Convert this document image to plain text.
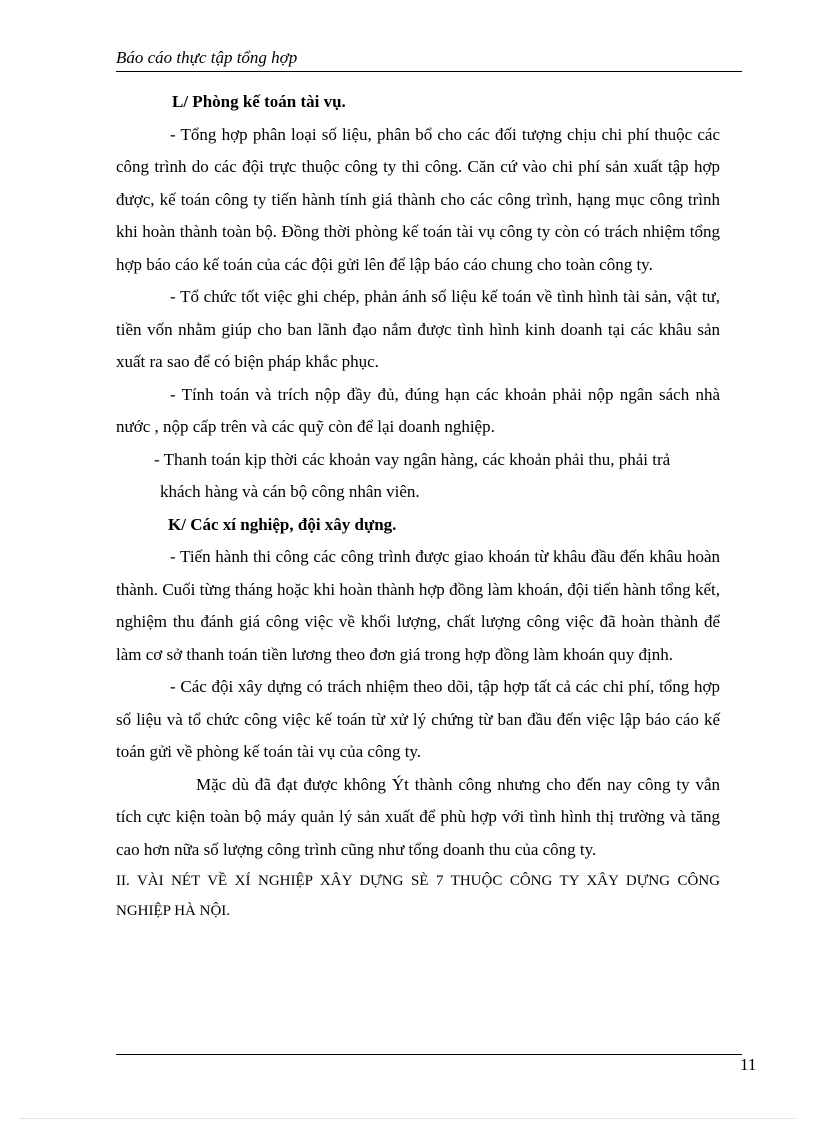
Báo cáo thực tập tổng hợp

L/ Phòng kế toán tài vụ.

- Tổng hợp phân loại số liệu, phân bổ cho các đối tượng chịu chi phí thuộc các công trình do các đội trực thuộc công ty thi công. Căn cứ vào chi phí sản xuất tập hợp được, kế toán công ty tiến hành tính giá thành cho các công trình, hạng mục công trình khi hoàn thành toàn bộ. Đồng thời phòng kế toán tài vụ công ty còn có trách nhiệm tổng hợp báo cáo kế toán của các đội gửi lên để lập báo cáo chung cho toàn công ty.

- Tổ chức tốt việc ghi chép, phản ánh số liệu kế toán về tình hình tài sản, vật tư, tiền vốn nhằm giúp cho ban lãnh đạo nắm được tình hình kinh doanh tại các khâu sản xuất ra sao để có biện pháp khắc phục.

- Tính toán và trích nộp đầy đủ, đúng hạn các khoản phải nộp ngân sách nhà nước , nộp cấp trên và các quỹ còn để lại doanh nghiệp.

- Thanh toán kịp thời các khoản vay ngân hàng, các khoản phải thu, phải trả

khách hàng và cán bộ công nhân viên.

K/ Các xí nghiệp, đội xây dựng.

- Tiến hành thi công các công trình được giao khoán từ khâu đầu đến khâu hoàn thành. Cuối từng tháng hoặc khi hoàn thành hợp đồng làm khoán, đội tiến hành tổng kết, nghiệm thu đánh giá công việc về khối lượng, chất lượng công việc đã hoàn thành để làm cơ sở thanh toán tiền lương theo đơn giá trong hợp đồng làm khoán quy định.

- Các đội xây dựng có trách nhiệm theo dõi, tập hợp tất cả các chi phí, tổng hợp số liệu và tổ chức công việc kế toán từ xử lý chứng từ ban đầu đến việc lập báo cáo kế toán gửi về phòng kế toán tài vụ của công ty.

Mặc dù đã đạt được không Ýt thành công nhưng cho đến nay công ty vẫn tích cực kiện toàn bộ máy quản lý sản xuất để phù hợp với tình hình thị trường và tăng cao hơn nữa số lượng công trình cũng như tổng doanh thu của công ty.

II. VÀI NÉT VỀ XÍ NGHIỆP XÂY DỰNG SÈ 7 THUỘC CÔNG TY XÂY DỰNG CÔNG NGHIỆP HÀ NỘI.

11
